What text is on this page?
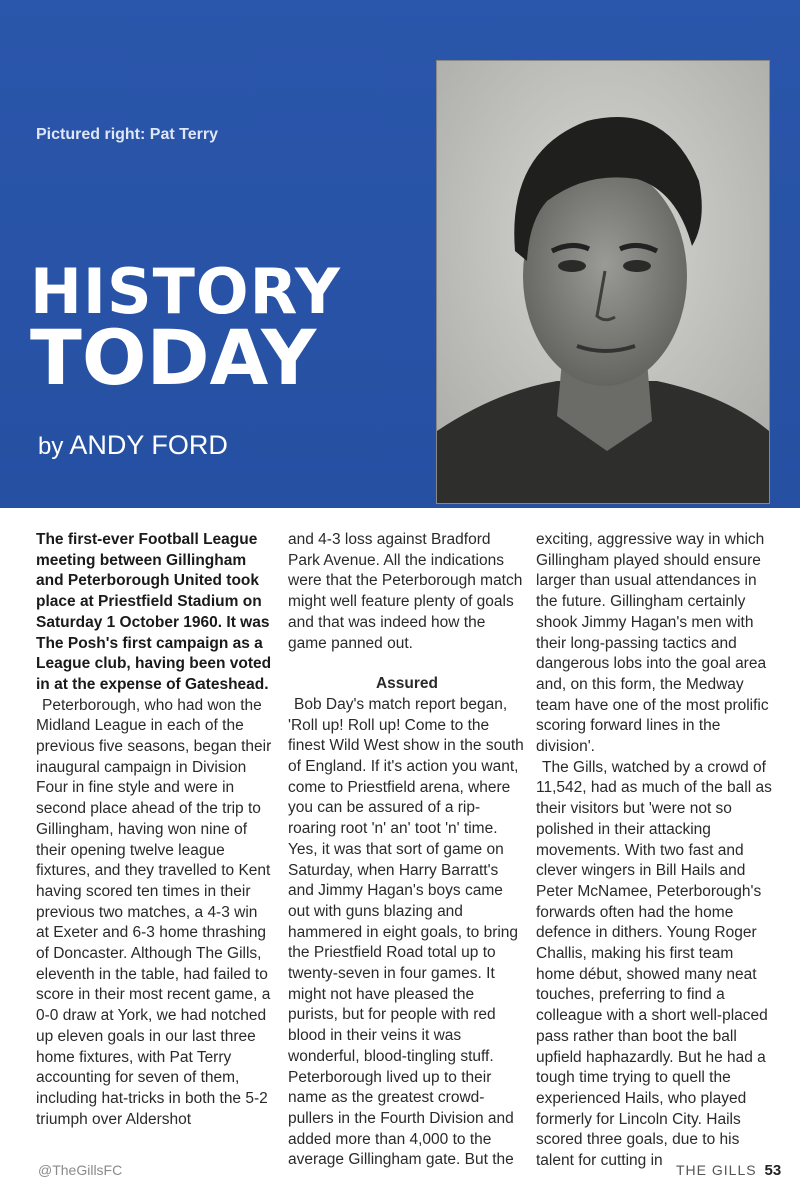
Pictured right: Pat Terry
HISTORY
TODAY
by ANDY FORD

The first-ever Football League meeting between Gillingham and Peterborough United took place at Priestfield Stadium on Saturday 1 October 1960. It was The Posh's first campaign as a League club, having been voted in at the expense of Gateshead.

Peterborough, who had won the Midland League in each of the previous five seasons, began their inaugural campaign in Division Four in fine style and were in second place ahead of the trip to Gillingham, having won nine of their opening twelve league fixtures, and they travelled to Kent having scored ten times in their previous two matches, a 4-3 win at Exeter and 6-3 home thrashing of Doncaster. Although The Gills, eleventh in the table, had failed to score in their most recent game, a 0-0 draw at York, we had notched up eleven goals in our last three home fixtures, with Pat Terry accounting for seven of them, including hat-tricks in both the 5-2 triumph over Aldershot

and 4-3 loss against Bradford Park Avenue. All the indications were that the Peterborough match might well feature plenty of goals and that was indeed how the game panned out.

Assured

Bob Day's match report began, 'Roll up! Roll up! Come to the finest Wild West show in the south of England. If it's action you want, come to Priestfield arena, where you can be assured of a rip-roaring root 'n' an' toot 'n' time. Yes, it was that sort of game on Saturday, when Harry Barratt's and Jimmy Hagan's boys came out with guns blazing and hammered in eight goals, to bring the Priestfield Road total up to twenty-seven in four games. It might not have pleased the purists, but for people with red blood in their veins it was wonderful, blood-tingling stuff. Peterborough lived up to their name as the greatest crowd-pullers in the Fourth Division and added more than 4,000 to the average Gillingham gate. But the

exciting, aggressive way in which Gillingham played should ensure larger than usual attendances in the future. Gillingham certainly shook Jimmy Hagan's men with their long-passing tactics and dangerous lobs into the goal area and, on this form, the Medway team have one of the most prolific scoring forward lines in the division'.

The Gills, watched by a crowd of 11,542, had as much of the ball as their visitors but 'were not so polished in their attacking movements. With two fast and clever wingers in Bill Hails and Peter McNamee, Peterborough's forwards often had the home defence in dithers. Young Roger Challis, making his first team home début, showed many neat touches, preferring to find a colleague with a short well-placed pass rather than boot the ball upfield haphazardly. But he had a tough time trying to quell the experienced Hails, who played formerly for Lincoln City. Hails scored three goals, due to his talent for cutting in

@TheGillsFC	THE GILLS 53
